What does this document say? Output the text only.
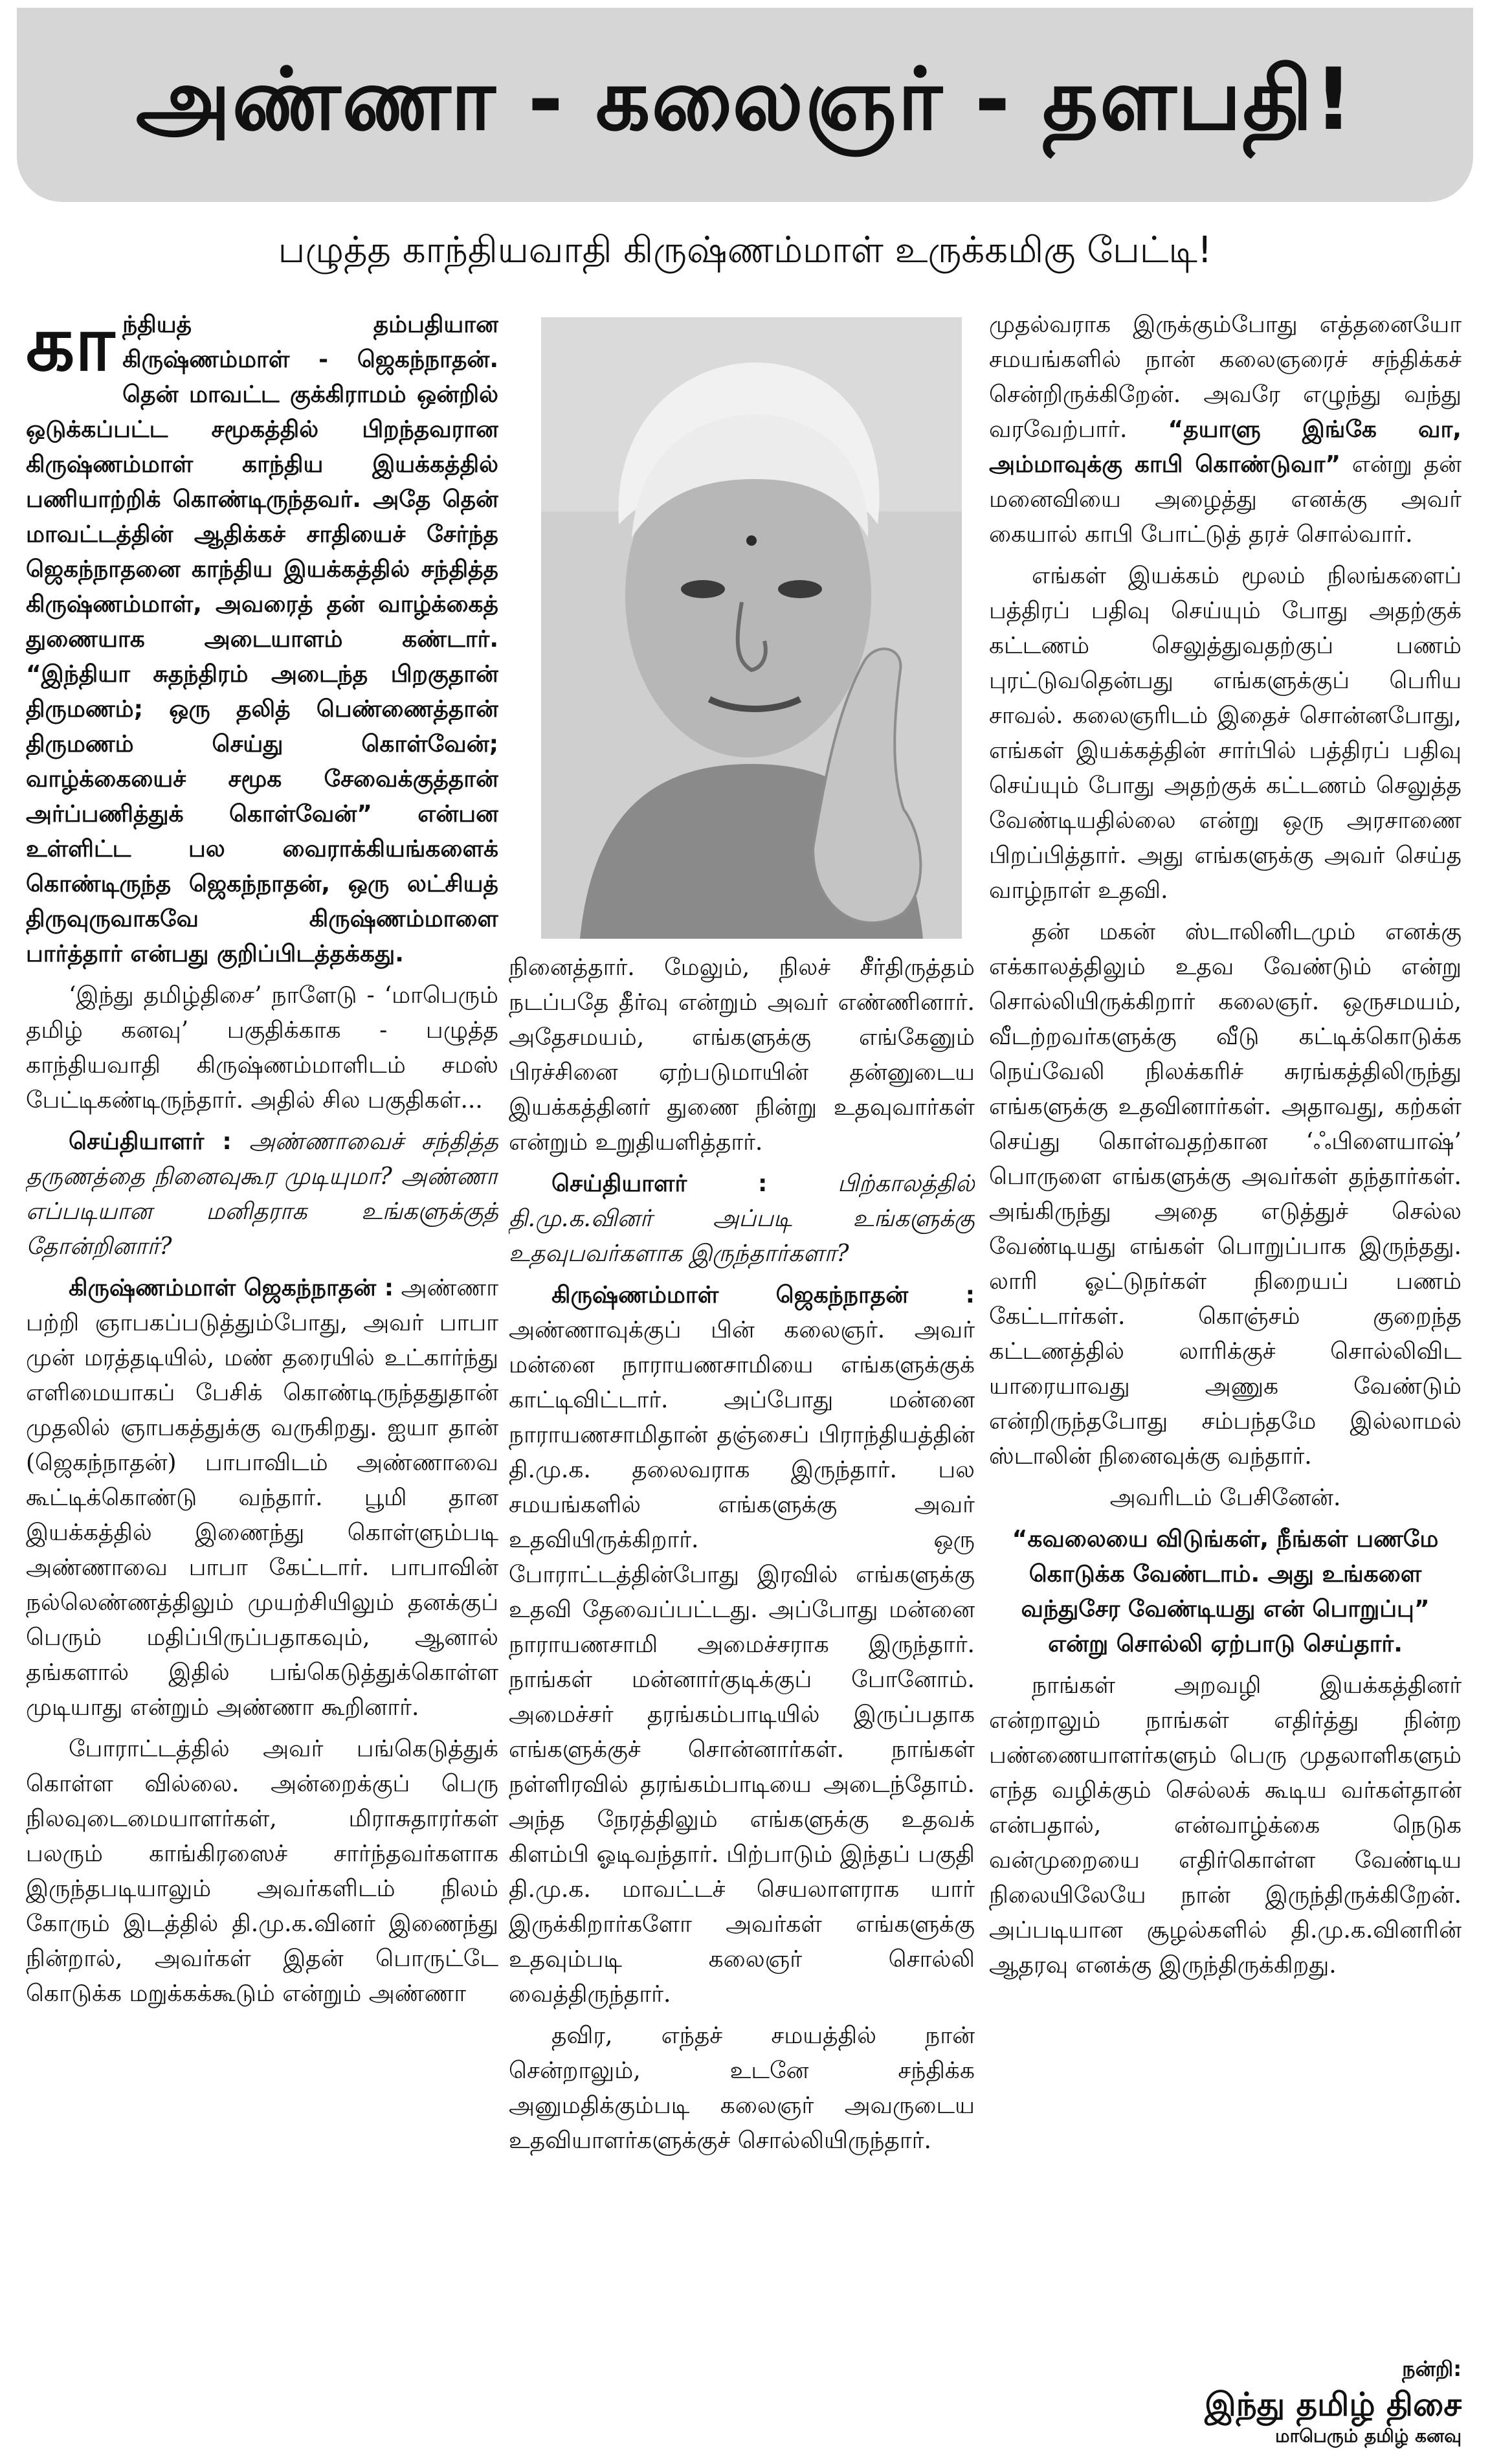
அண்ணா - கலைஞர் - தளபதி!
பழுத்த காந்தியவாதி கிருஷ்ணம்மாள் உருக்கமிகு பேட்டி!

காந்தியத் தம்பதியான கிருஷ்ணம்மாள் - ஜெகந்நாதன். தென் மாவட்ட குக்கிராமம் ஒன்றில் ஒடுக்கப்பட்ட சமூகத்தில் பிறந்தவரான கிருஷ்ணம்மாள் காந்திய இயக்கத்தில் பணியாற்றிக் கொண்டிருந்தவர். அதே தென் மாவட்டத்தின் ஆதிக்கச் சாதியைச் சேர்ந்த ஜெகந்நாதனை காந்திய இயக்கத்தில் சந்தித்த கிருஷ்ணம்மாள், அவரைத் தன் வாழ்க்கைத் துணையாக அடையாளம் கண்டார். “இந்தியா சுதந்திரம் அடைந்த பிறகுதான் திருமணம்; ஒரு தலித் பெண்ணைத்தான் திருமணம் செய்து கொள்வேன்; வாழ்க்கையைச் சமூக சேவைக்குத்தான் அர்ப்பணித்துக் கொள்வேன்” என்பன உள்ளிட்ட பல வைராக்கியங்களைக் கொண்டிருந்த ஜெகந்நாதன், ஒரு லட்சியத் திருவுருவாகவே கிருஷ்ணம்மாளை பார்த்தார் என்பது குறிப்பிடத்தக்கது.

‘இந்து தமிழ்திசை’ நாளேடு - ‘மாபெரும் தமிழ் கனவு’ பகுதிக்காக - பழுத்த காந்தியவாதி கிருஷ்ணம்மாளிடம் சமஸ் பேட்டிகண்டிருந்தார். அதில் சில பகுதிகள்...

செய்தியாளர் : அண்ணாவைச் சந்தித்த தருணத்தை நினைவுகூர முடியுமா? அண்ணா எப்படியான மனிதராக உங்களுக்குத் தோன்றினார்?

கிருஷ்ணம்மாள் ஜெகந்நாதன் : அண்ணா பற்றி ஞாபகப்படுத்தும்போது, அவர் பாபா முன் மரத்தடியில், மண் தரையில் உட்கார்ந்து எளிமையாகப் பேசிக் கொண்டிருந்ததுதான் முதலில் ஞாபகத்துக்கு வருகிறது. ஐயா தான் (ஜெகந்நாதன்) பாபாவிடம் அண்ணாவை கூட்டிக்கொண்டு வந்தார். பூமி தான இயக்கத்தில் இணைந்து கொள்ளும்படி அண்ணாவை பாபா கேட்டார். பாபாவின் நல்லெண்ணத்திலும் முயற்சியிலும் தனக்குப் பெரும் மதிப்பிருப்பதாகவும், ஆனால் தங்களால் இதில் பங்கெடுத்துக்கொள்ள முடியாது என்றும் அண்ணா கூறினார்.

போராட்டத்தில் அவர் பங்கெடுத்துக் கொள்ள வில்லை. அன்றைக்குப் பெரு நிலவுடைமையாளர்கள், மிராசுதாரர்கள் பலரும் காங்கிரஸைச் சார்ந்தவர்களாக இருந்தபடியாலும் அவர்களிடம் நிலம் கோரும் இடத்தில் தி.மு.க.வினர் இணைந்து நின்றால், அவர்கள் இதன் பொருட்டே கொடுக்க மறுக்கக்கூடும் என்றும் அண்ணா

நினைத்தார். மேலும், நிலச் சீர்திருத்தம் நடப்பதே தீர்வு என்றும் அவர் எண்ணினார். அதேசமயம், எங்களுக்கு எங்கேனும் பிரச்சினை ஏற்படுமாயின் தன்னுடைய இயக்கத்தினர் துணை நின்று உதவுவார்கள் என்றும் உறுதியளித்தார்.

செய்தியாளர் :	பிற்காலத்தில் தி.மு.க.வினர் அப்படி உங்களுக்கு உதவுபவர்களாக இருந்தார்களா?

கிருஷ்ணம்மாள் ஜெகந்நாதன் : அண்ணாவுக்குப் பின் கலைஞர். அவர் மன்னை நாராயணசாமியை எங்களுக்குக் காட்டிவிட்டார். அப்போது மன்னை நாராயணசாமிதான் தஞ்சைப் பிராந்தியத்தின் தி.மு.க. தலைவராக இருந்தார். பல சமயங்களில் எங்களுக்கு அவர் உதவியிருக்கிறார். ஒரு போராட்டத்தின்போது இரவில் எங்களுக்கு உதவி தேவைப்பட்டது. அப்போது மன்னை நாராயணசாமி அமைச்சராக இருந்தார். நாங்கள் மன்னார்குடிக்குப் போனோம். அமைச்சர் தரங்கம்பாடியில் இருப்பதாக எங்களுக்குச் சொன்னார்கள். நாங்கள் நள்ளிரவில் தரங்கம்பாடியை அடைந்தோம். அந்த நேரத்திலும் எங்களுக்கு உதவக் கிளம்பி ஓடிவந்தார். பிற்பாடும் இந்தப் பகுதி தி.மு.க. மாவட்டச் செயலாளராக யார் இருக்கிறார்களோ அவர்கள் எங்களுக்கு உதவும்படி கலைஞர் சொல்லி வைத்திருந்தார்.

தவிர, எந்தச் சமயத்தில் நான் சென்றாலும், உடனே சந்திக்க அனுமதிக்கும்படி கலைஞர் அவருடைய உதவியாளர்களுக்குச் சொல்லியிருந்தார்.

முதல்வராக இருக்கும்போது எத்தனையோ சமயங்களில் நான் கலைஞரைச் சந்திக்கச் சென்றிருக்கிறேன். அவரே எழுந்து வந்து வரவேற்பார். “தயாளு இங்கே வா, அம்மாவுக்கு காபி கொண்டுவா” என்று தன் மனைவியை அழைத்து எனக்கு அவர் கையால் காபி போட்டுத் தரச் சொல்வார்.

எங்கள் இயக்கம் மூலம் நிலங்களைப் பத்திரப் பதிவு செய்யும் போது அதற்குக் கட்டணம் செலுத்துவதற்குப் பணம் புரட்டுவதென்பது எங்களுக்குப் பெரிய சாவல். கலைஞரிடம் இதைச் சொன்னபோது, எங்கள் இயக்கத்தின் சார்பில் பத்திரப் பதிவு செய்யும் போது அதற்குக் கட்டணம் செலுத்த வேண்டியதில்லை என்று ஒரு அரசாணை பிறப்பித்தார். அது எங்களுக்கு அவர் செய்த வாழ்நாள் உதவி.

தன் மகன் ஸ்டாலினிடமும் எனக்கு எக்காலத்திலும் உதவ வேண்டும் என்று சொல்லியிருக்கிறார் கலைஞர். ஒருசமயம், வீடற்றவர்களுக்கு வீடு கட்டிக்கொடுக்க நெய்வேலி நிலக்கரிச் சுரங்கத்திலிருந்து எங்களுக்கு உதவினார்கள். அதாவது, கற்கள் செய்து கொள்வதற்கான ‘ஃபிளையாஷ்’ பொருளை எங்களுக்கு அவர்கள் தந்தார்கள். அங்கிருந்து அதை எடுத்துச் செல்ல வேண்டியது எங்கள் பொறுப்பாக இருந்தது. லாரி ஓட்டுநர்கள் நிறையப் பணம் கேட்டார்கள். கொஞ்சம் குறைந்த கட்டணத்தில் லாரிக்குச் சொல்லிவிட யாரையாவது அணுக வேண்டும் என்றிருந்தபோது சம்பந்தமே இல்லாமல் ஸ்டாலின் நினைவுக்கு வந்தார்.

அவரிடம் பேசினேன்.

“கவலையை விடுங்கள், நீங்கள் பணமே கொடுக்க வேண்டாம். அது உங்களை வந்துசேர வேண்டியது என் பொறுப்பு” என்று சொல்லி ஏற்பாடு செய்தார்.

நாங்கள் அறவழி இயக்கத்தினர் என்றாலும் நாங்கள் எதிர்த்து நின்ற பண்ணையாளர்களும் பெரு முதலாளிகளும் எந்த வழிக்கும் செல்லக் கூடிய வர்கள்தான் என்பதால், என்வாழ்க்கை நெடுக வன்முறையை எதிர்கொள்ள வேண்டிய நிலையிலேயே நான் இருந்திருக்கிறேன். அப்படியான சூழல்களில் தி.மு.க.வினரின் ஆதரவு எனக்கு இருந்திருக்கிறது.

நன்றி:
இந்து தமிழ் திசை
மாபெரும் தமிழ் கனவு
